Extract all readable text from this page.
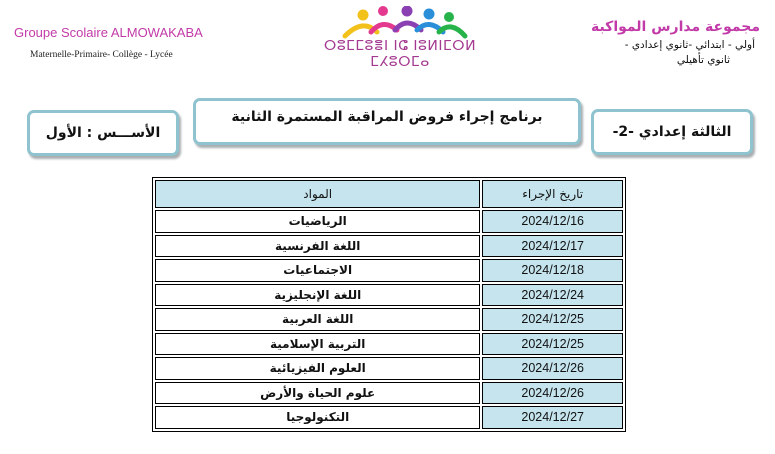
Groupe Scolaire ALMOWAKABA
Maternelle-Primaire- Collège - Lycée
ⵔⵓⵎⵎⵓⴻⵏ ⵏⵛ ⵏⵓⵍⵏⵎⵔⵍ ⵎⵃⵓⵔⵎⴰ
مجموعة مدارس المواكبة
أولي - ابتدائي -ثانوي إعدادي -
ثانوي تأهيلي
الأســـس : الأول
برنامج إجراء فروض المراقبة المستمرة الثانية
الثالثة إعدادي -2-
المواد	تاريخ الإجراء
الرياضيات	2024/12/16
اللغة الفرنسية	2024/12/17
الاجتماعيات	2024/12/18
اللغة الإنجليزية	2024/12/24
اللغة العربية	2024/12/25
التربية الإسلامية	2024/12/25
العلوم الفيزيائية	2024/12/26
علوم الحياة والأرض	2024/12/26
التكنولوجيا	2024/12/27
